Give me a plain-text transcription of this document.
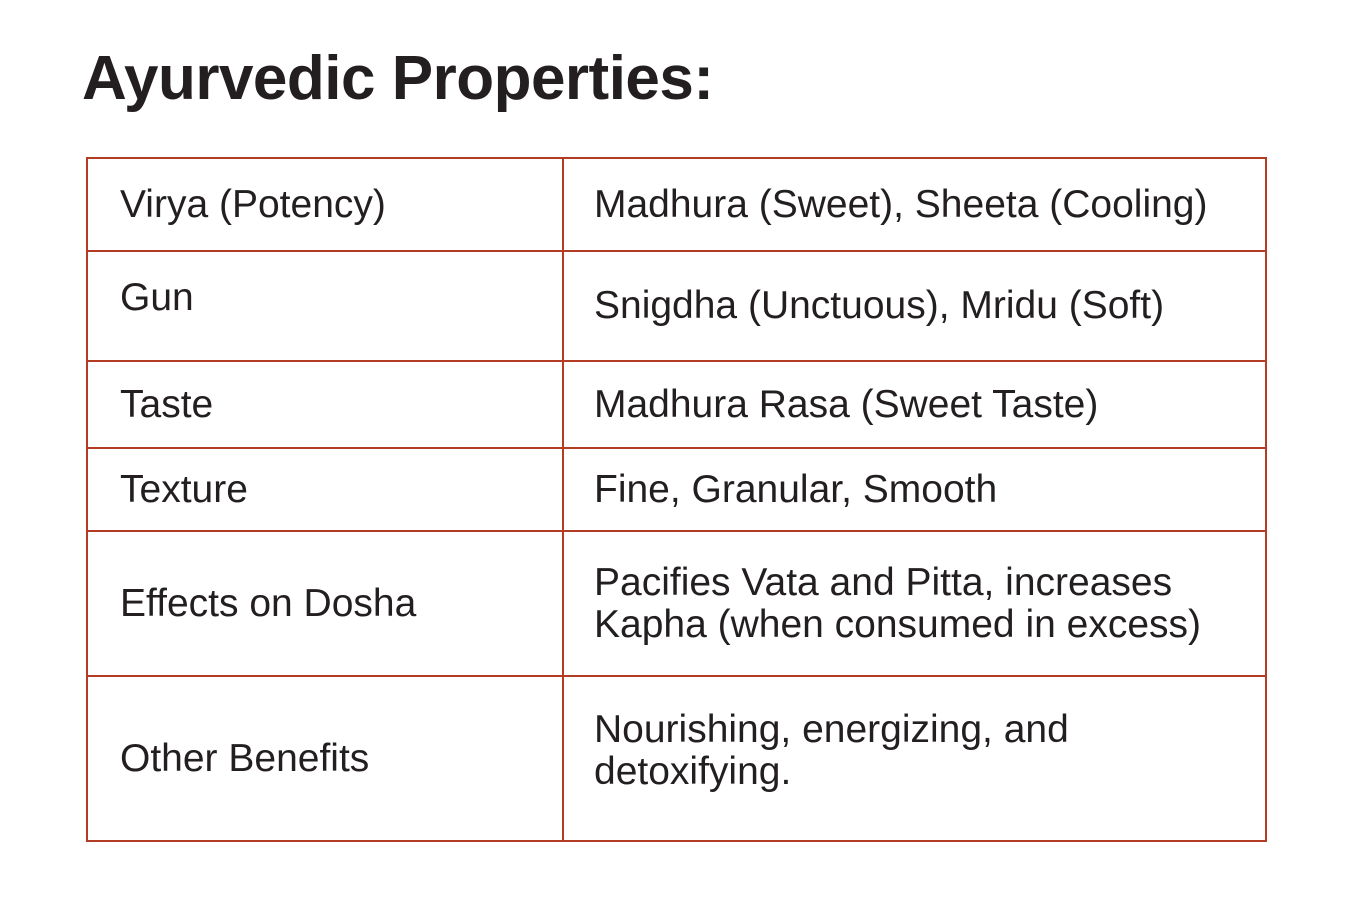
Ayurvedic Properties:
Virya (Potency)	Madhura (Sweet), Sheeta (Cooling)
Gun	Snigdha (Unctuous), Mridu (Soft)
Taste	Madhura Rasa (Sweet Taste)
Texture	Fine, Granular, Smooth
Effects on Dosha	Pacifies Vata and Pitta, increases Kapha (when consumed in excess)
Other Benefits	Nourishing, energizing, and detoxifying.
